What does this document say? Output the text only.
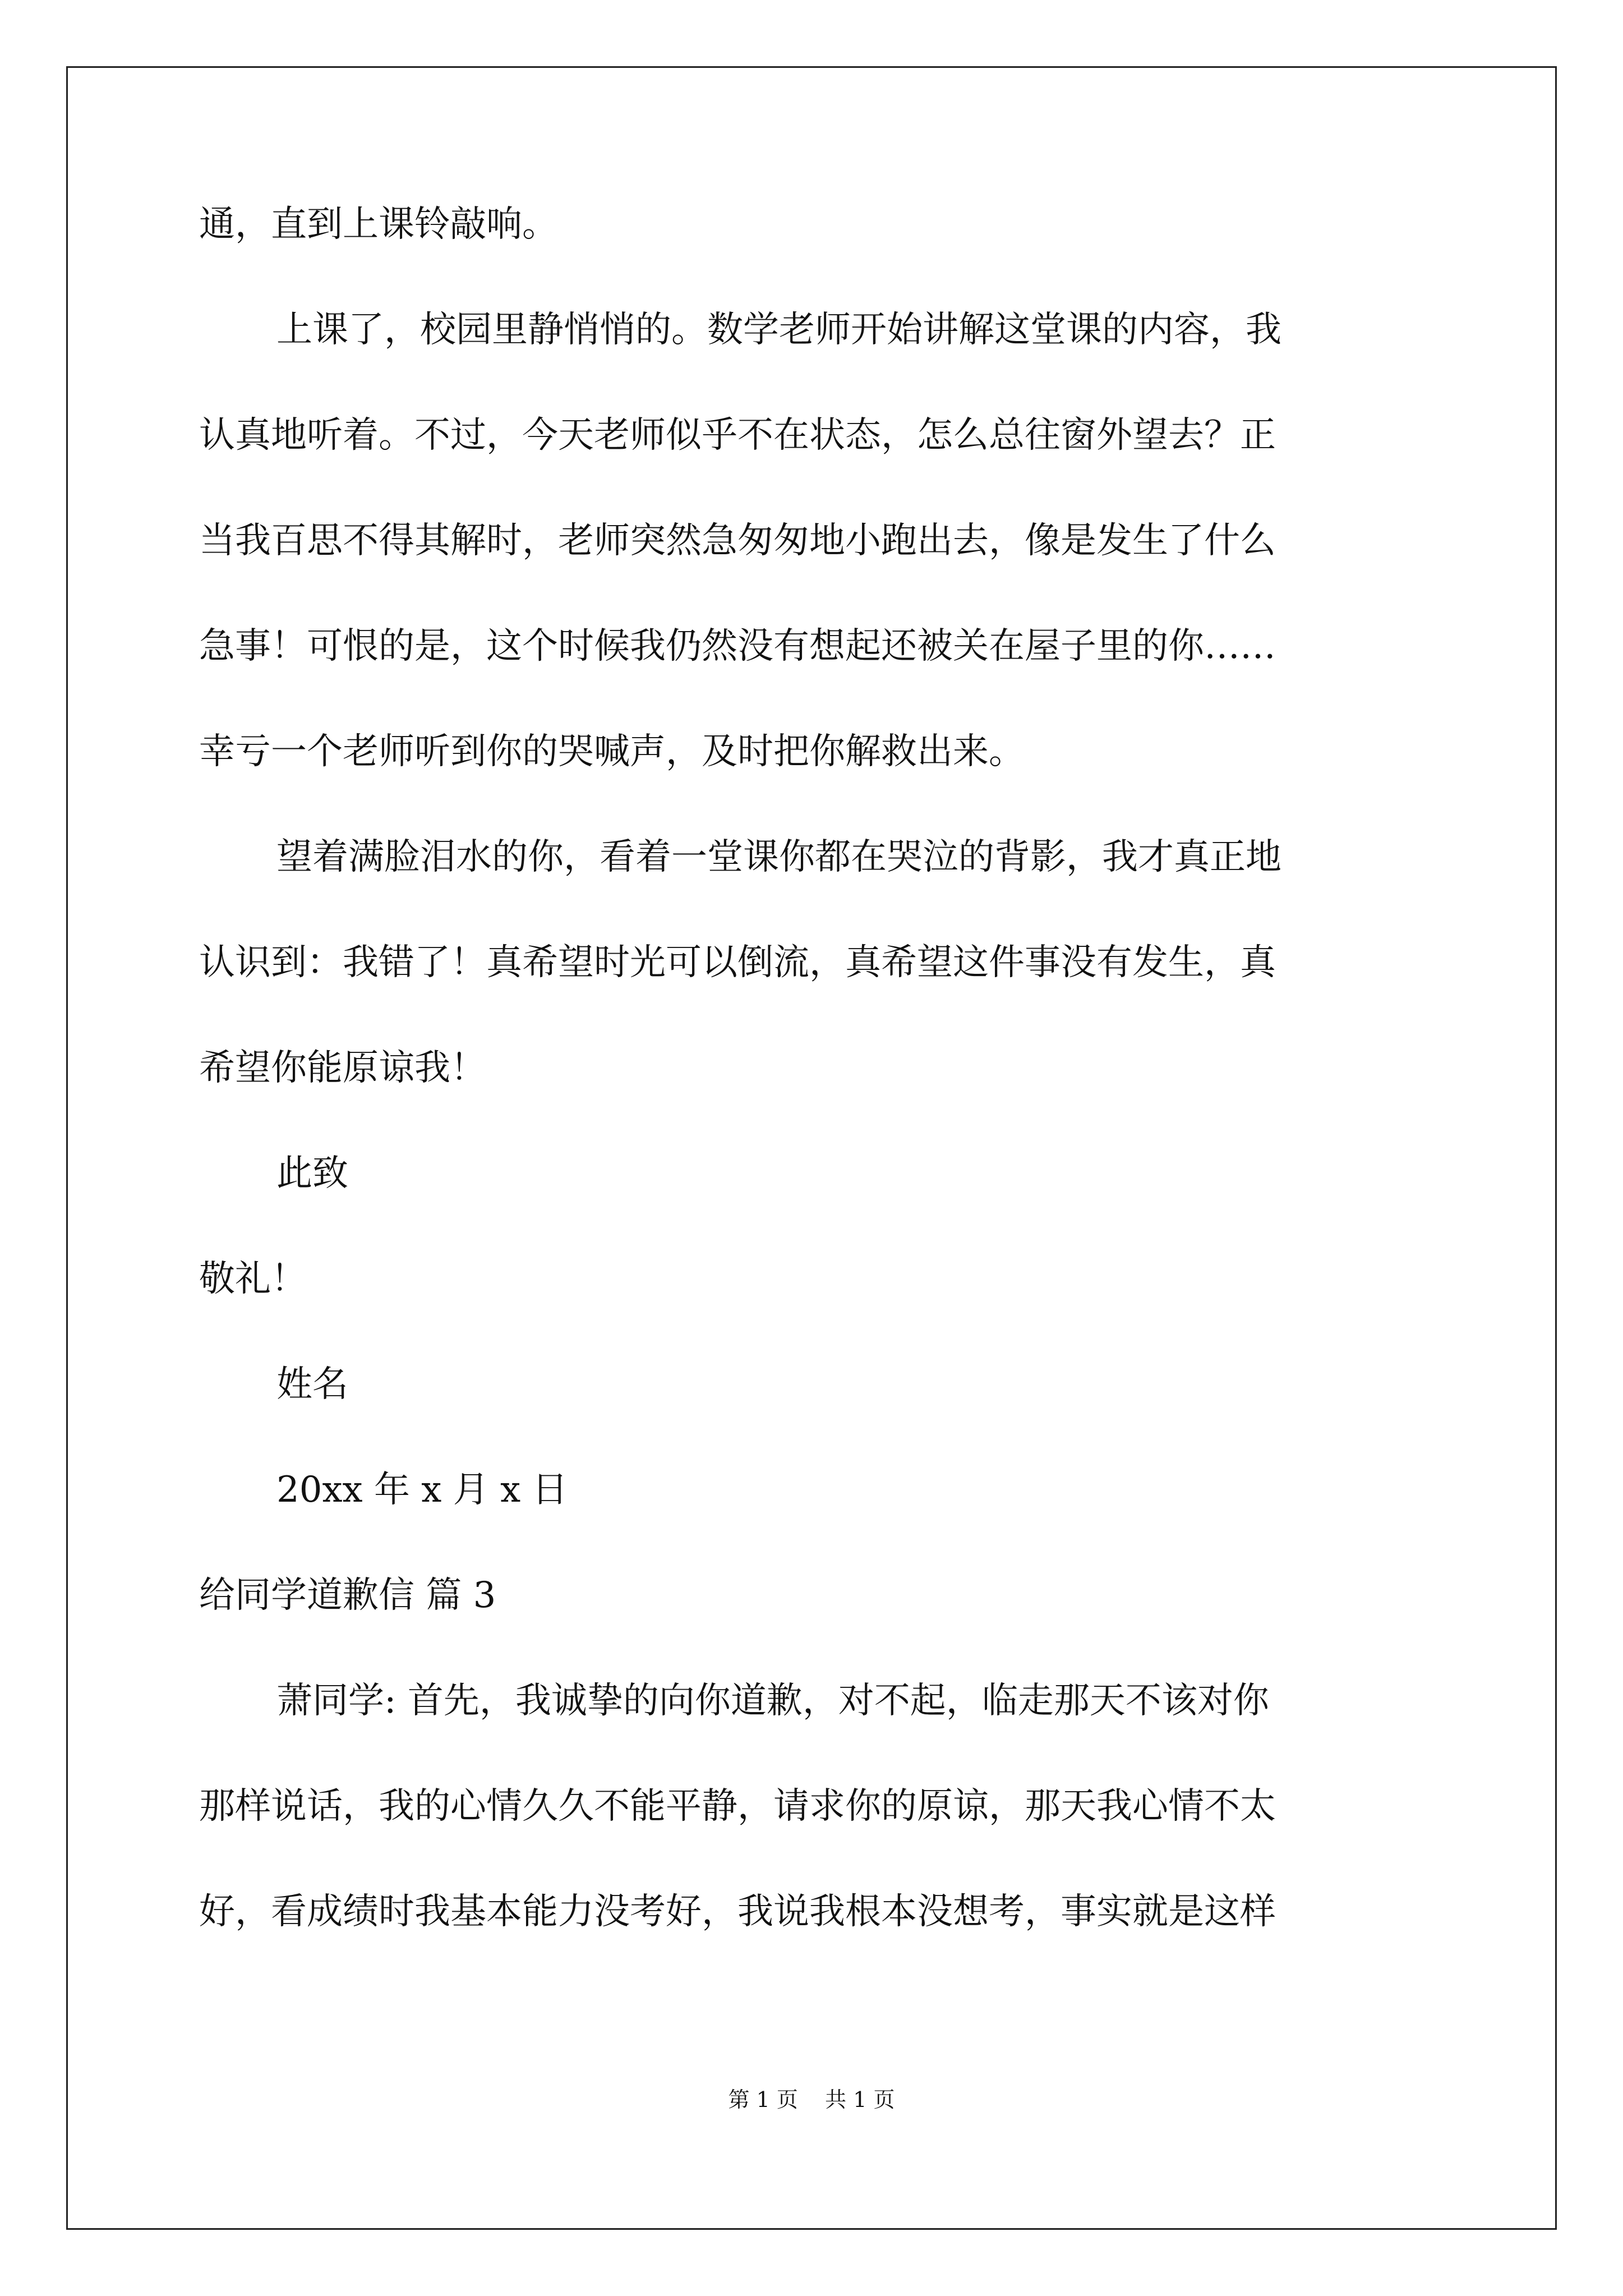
通，直到上课铃敲响。
上课了，校园里静悄悄的。数学老师开始讲解这堂课的内容，我
认真地听着。不过，今天老师似乎不在状态，怎么总往窗外望去？正
当我百思不得其解时，老师突然急匆匆地小跑出去，像是发生了什么
急事！可恨的是，这个时候我仍然没有想起还被关在屋子里的你……
幸亏一个老师听到你的哭喊声，及时把你解救出来。
望着满脸泪水的你，看着一堂课你都在哭泣的背影，我才真正地
认识到：我错了！真希望时光可以倒流，真希望这件事没有发生，真
希望你能原谅我！
此致
敬礼！
姓名
20xx 年 x 月 x 日
给同学道歉信 篇 3
萧同学: 首先，我诚挚的向你道歉，对不起，临走那天不该对你
那样说话，我的心情久久不能平静，请求你的原谅，那天我心情不太
好，看成绩时我基本能力没考好，我说我根本没想考，事实就是这样
第 1 页    共 1 页
